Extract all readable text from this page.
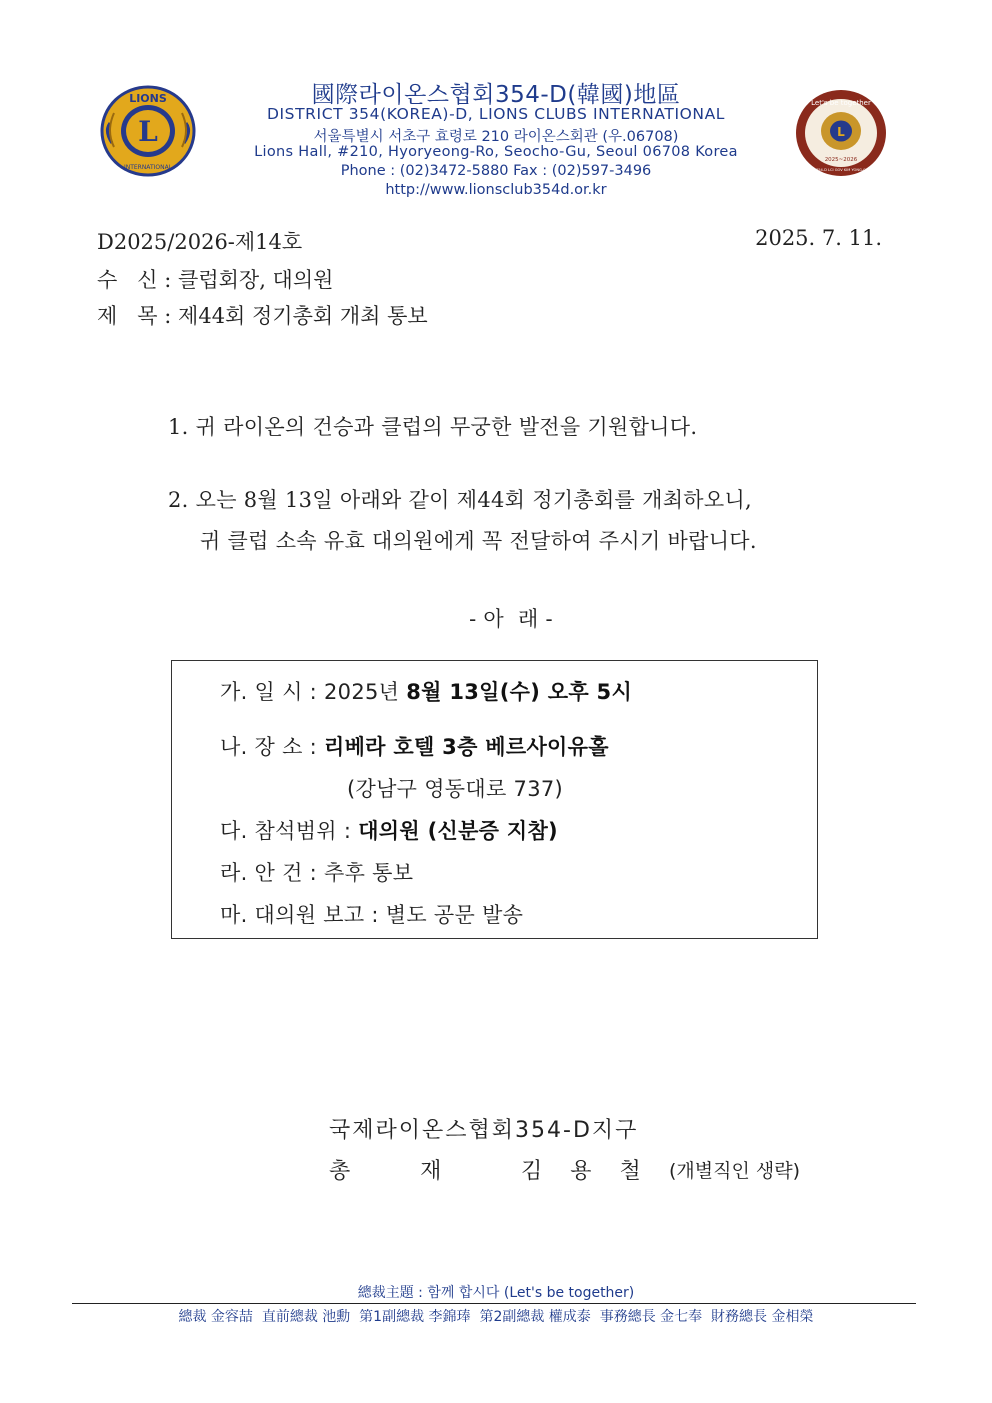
L
LIONS
INTERNATIONAL
L
Let's be together
2025~2026
DIST 354-D LCI GOV KIM YONG-CHEOL
國際라이온스협회354-D(韓國)地區
DISTRICT 354(KOREA)-D, LIONS CLUBS INTERNATIONAL
서울특별시 서초구 효령로 210 라이온스회관 (우.06708)
Lions Hall, #210, Hyoryeong-Ro, Seocho-Gu, Seoul 06708 Korea
Phone : (02)3472-5880 Fax : (02)597-3496
http://www.lionsclub354d.or.kr
D2025/2026-제14호	2025. 7. 11.
수   신 : 클럽회장, 대의원
제   목 : 제44회 정기총회 개최 통보
1. 귀 라이온의 건승과 클럽의 무궁한 발전을 기원합니다.
2. 오는 8월 13일 아래와 같이 제44회 정기총회를 개최하오니,
귀 클럽 소속 유효 대의원에게 꼭 전달하여 주시기 바랍니다.
- 아  래 -
가. 일 시 : 2025년 8월 13일(수) 오후 5시
나. 장 소 : 리베라 호텔 3층 베르사이유홀
(강남구 영동대로 737)
다. 참석범위 : 대의원 (신분증 지참)
라. 안 건 : 추후 통보
마. 대의원 보고 : 별도 공문 발송
국제라이온스협회354-D지구
총          재	김    용    철 (개별직인 생략)
總裁主題 : 함께 합시다 (Let's be together)
總裁 金容喆  直前總裁 池勳  第1副總裁 李錦琫  第2副總裁 權成泰  事務總長 金七奉  財務總長 金相榮
